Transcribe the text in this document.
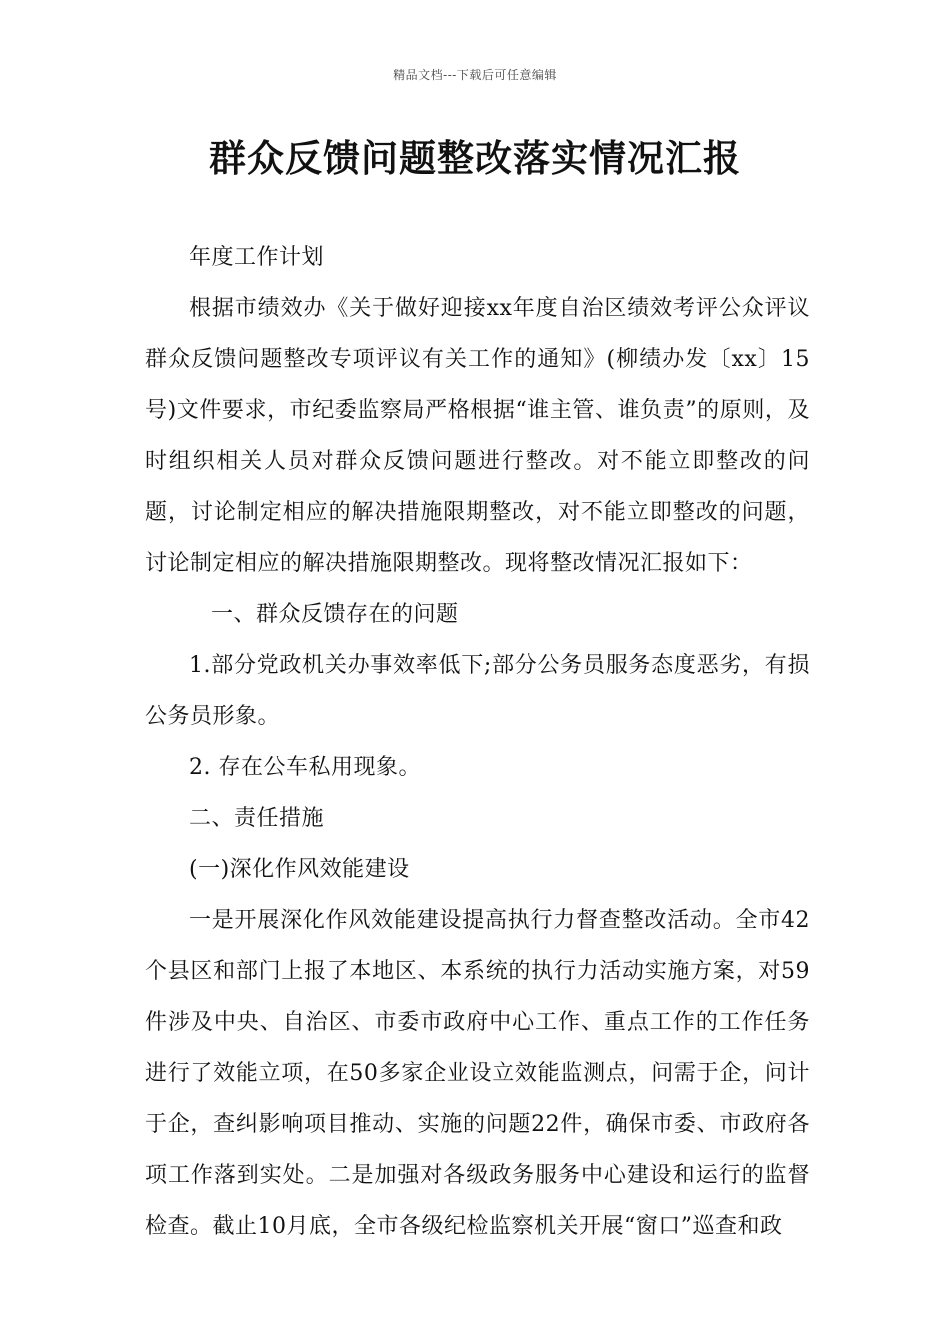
精品文档---下载后可任意编辑
群众反馈问题整改落实情况汇报

年度工作计划

根据市绩效办《关于做好迎接xx年度自治区绩效考评公众评议群众反馈问题整改专项评议有关工作的通知》(柳绩办发〔xx〕15号)文件要求，市纪委监察局严格根据“谁主管、谁负责”的原则，及时组织相关人员对群众反馈问题进行整改。对不能立即整改的问题，讨论制定相应的解决措施限期整改，对不能立即整改的问题，讨论制定相应的解决措施限期整改。现将整改情况汇报如下：

一、群众反馈存在的问题

1.部分党政机关办事效率低下;部分公务员服务态度恶劣，有损公务员形象。

2. 存在公车私用现象。

二、责任措施

(一)深化作风效能建设

一是开展深化作风效能建设提高执行力督查整改活动。全市42个县区和部门上报了本地区、本系统的执行力活动实施方案，对59件涉及中央、自治区、市委市政府中心工作、重点工作的工作任务进行了效能立项，在50多家企业设立效能监测点，问需于企，问计于企，查纠影响项目推动、实施的问题22件，确保市委、市政府各项工作落到实处。二是加强对各级政务服务中心建设和运行的监督检查。截止10月底，全市各级纪检监察机关开展“窗口”巡查和政
